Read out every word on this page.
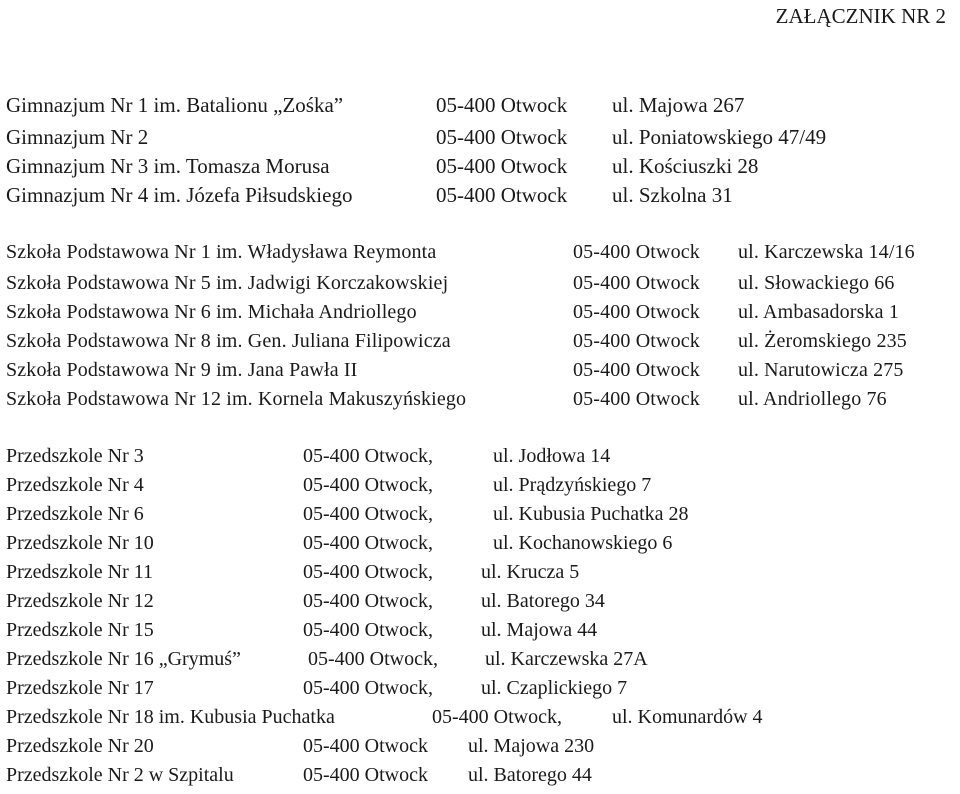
ZAŁĄCZNIK NR 2
Gimnazjum Nr 1 im. Batalionu „Zośka”	05-400 Otwock ul. Majowa 267
Gimnazjum Nr 2	05-400 Otwock ul. Poniatowskiego 47/49
Gimnazjum Nr 3 im. Tomasza Morusa	05-400 Otwock ul. Kościuszki 28
Gimnazjum Nr 4 im. Józefa Piłsudskiego	05-400 Otwock ul. Szkolna 31
Szkoła Podstawowa Nr 1 im. Władysława Reymonta	05-400 Otwock ul. Karczewska 14/16
Szkoła Podstawowa Nr 5 im. Jadwigi Korczakowskiej	05-400 Otwock ul. Słowackiego 66
Szkoła Podstawowa Nr 6 im. Michała Andriollego	05-400 Otwock ul. Ambasadorska 1
Szkoła Podstawowa Nr 8 im. Gen. Juliana Filipowicza	05-400 Otwock ul. Żeromskiego 235
Szkoła Podstawowa Nr 9 im. Jana Pawła II	05-400 Otwock ul. Narutowicza 275
Szkoła Podstawowa Nr 12 im. Kornela Makuszyńskiego	05-400 Otwock ul. Andriollego 76
Przedszkole Nr 3	05-400 Otwock,	ul. Jodłowa 14
Przedszkole Nr 4	05-400 Otwock,	ul. Prądzyńskiego 7
Przedszkole Nr 6	05-400 Otwock,	ul. Kubusia Puchatka 28
Przedszkole Nr 10	05-400 Otwock,	ul. Kochanowskiego 6
Przedszkole Nr 11	05-400 Otwock, ul. Krucza 5
Przedszkole Nr 12	05-400 Otwock, ul. Batorego 34
Przedszkole Nr 15	05-400 Otwock, ul. Majowa 44
Przedszkole Nr 16 „Grymuś”	05-400 Otwock, ul. Karczewska 27A
Przedszkole Nr 17	05-400 Otwock, ul. Czaplickiego 7
Przedszkole Nr 18 im. Kubusia Puchatka	05-400 Otwock,	ul. Komunardów 4
Przedszkole Nr 20	05-400 Otwock ul. Majowa 230
Przedszkole Nr 2 w Szpitalu	05-400 Otwock ul. Batorego 44
